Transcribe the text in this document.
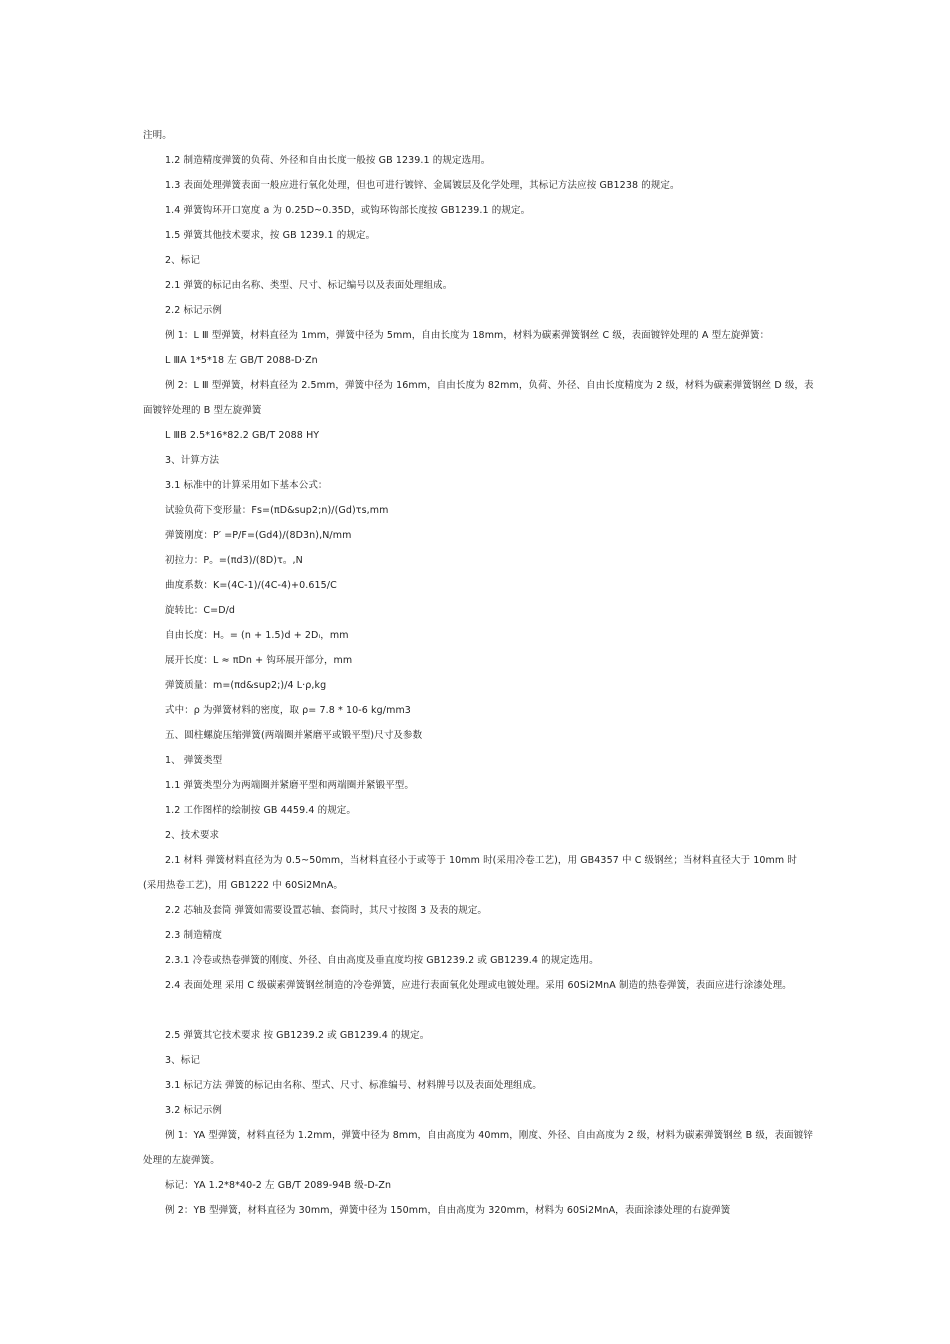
注明。
1.2 制造精度弹簧的负荷、外径和自由长度一般按 GB 1239.1 的规定选用。
1.3 表面处理弹簧表面一般应进行氧化处理，但也可进行镀锌、金属镀层及化学处理，其标记方法应按 GB1238 的规定。
1.4 弹簧钩环开口宽度 a 为 0.25D~0.35D，或钩环钩部长度按 GB1239.1 的规定。
1.5 弹簧其他技术要求，按 GB 1239.1 的规定。
2、标记
2.1 弹簧的标记由名称、类型、尺寸、标记编号以及表面处理组成。
2.2 标记示例
例 1：L Ⅲ 型弹簧，材料直径为 1mm，弹簧中径为 5mm，自由长度为 18mm，材料为碳素弹簧钢丝 C 级，表面镀锌处理的 A 型左旋弹簧：
L ⅢA 1*5*18 左 GB/T 2088-D·Zn
例 2：L Ⅲ 型弹簧，材料直径为 2.5mm，弹簧中径为 16mm，自由长度为 82mm，负荷、外径、自由长度精度为 2 级，材料为碳素弹簧钢丝 D 级，表
面镀锌处理的 B 型左旋弹簧
L ⅢB 2.5*16*82.2 GB/T 2088 HY
3、计算方法
3.1 标准中的计算采用如下基本公式：
试验负荷下变形量：Fs=(πD&sup2;n)/(Gd)τs,mm
弹簧刚度：P′ =P/F=(Gd4)/(8D3n),N/mm
初拉力：P。=(πd3)/(8D)τ。,N
曲度系数：K=(4C-1)/(4C-4)+0.615/C
旋转比：C=D/d
自由长度：H。= (n + 1.5)d + 2Dᵢ，mm
展开长度：L ≈ πDn + 钩环展开部分，mm
弹簧质量：m=(πd&sup2;)/4 L·ρ,kg
式中：ρ 为弹簧材料的密度，取 ρ= 7.8 * 10-6 kg/mm3
五、圆柱螺旋压缩弹簧(两端圈并紧磨平或锻平型)尺寸及参数
1、 弹簧类型
1.1 弹簧类型分为两端圈并紧磨平型和两端圈并紧锻平型。
1.2 工作图样的绘制按 GB 4459.4 的规定。
2、技术要求
2.1 材料 弹簧材料直径为为 0.5~50mm，当材料直径小于或等于 10mm 时(采用冷卷工艺)，用 GB4357 中 C 级钢丝；当材料直径大于 10mm 时
(采用热卷工艺)，用 GB1222 中 60Si2MnA。
2.2 芯轴及套筒 弹簧如需要设置芯轴、套筒时，其尺寸按图 3 及表的规定。
2.3 制造精度
2.3.1 冷卷或热卷弹簧的刚度、外径、自由高度及垂直度均按 GB1239.2 或 GB1239.4 的规定选用。
2.4 表面处理 采用 C 级碳素弹簧钢丝制造的冷卷弹簧，应进行表面氧化处理或电镀处理。采用 60Si2MnA 制造的热卷弹簧，表面应进行涂漆处理。
2.5 弹簧其它技术要求 按 GB1239.2 或 GB1239.4 的规定。
3、标记
3.1 标记方法 弹簧的标记由名称、型式、尺寸、标准编号、材料牌号以及表面处理组成。
3.2 标记示例
例 1：YA 型弹簧，材料直径为 1.2mm，弹簧中径为 8mm，自由高度为 40mm，刚度、外径、自由高度为 2 级，材料为碳素弹簧钢丝 B 级，表面镀锌
处理的左旋弹簧。
标记：YA 1.2*8*40-2 左 GB/T 2089-94B 级-D-Zn
例 2：YB 型弹簧，材料直径为 30mm，弹簧中径为 150mm，自由高度为 320mm，材料为 60Si2MnA，表面涂漆处理的右旋弹簧
